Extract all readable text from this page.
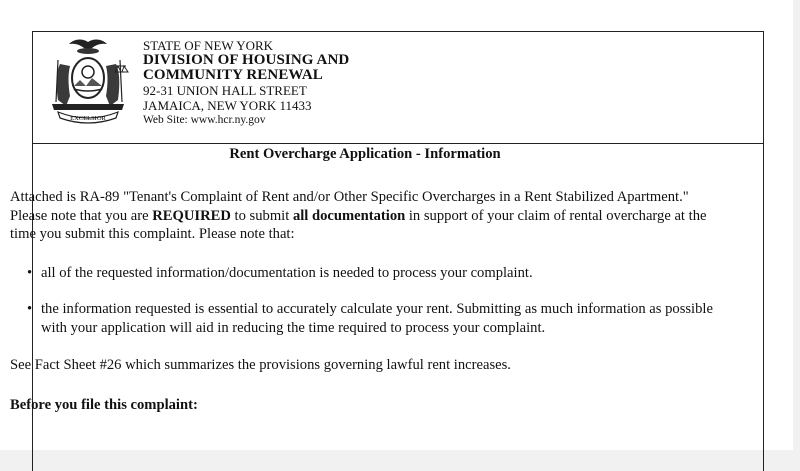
EXCELSIOR
STATE OF NEW YORK
DIVISION OF HOUSING AND
COMMUNITY RENEWAL
92-31 UNION HALL STREET
JAMAICA, NEW YORK 11433
Web Site: www.hcr.ny.gov
Rent Overcharge Application - Information
Attached is RA-89 "Tenant's Complaint of Rent and/or Other Specific Overcharges in a Rent Stabilized Apartment." Please note that you are REQUIRED to submit all documentation in support of your claim of rental overcharge at the time you submit this complaint. Please note that:
• all of the requested information/documentation is needed to process your complaint.
• the information requested is essential to accurately calculate your rent. Submitting as much information as possible with your application will aid in reducing the time required to process your complaint.
See Fact Sheet #26 which summarizes the provisions governing lawful rent increases.
Before you file this complaint:
